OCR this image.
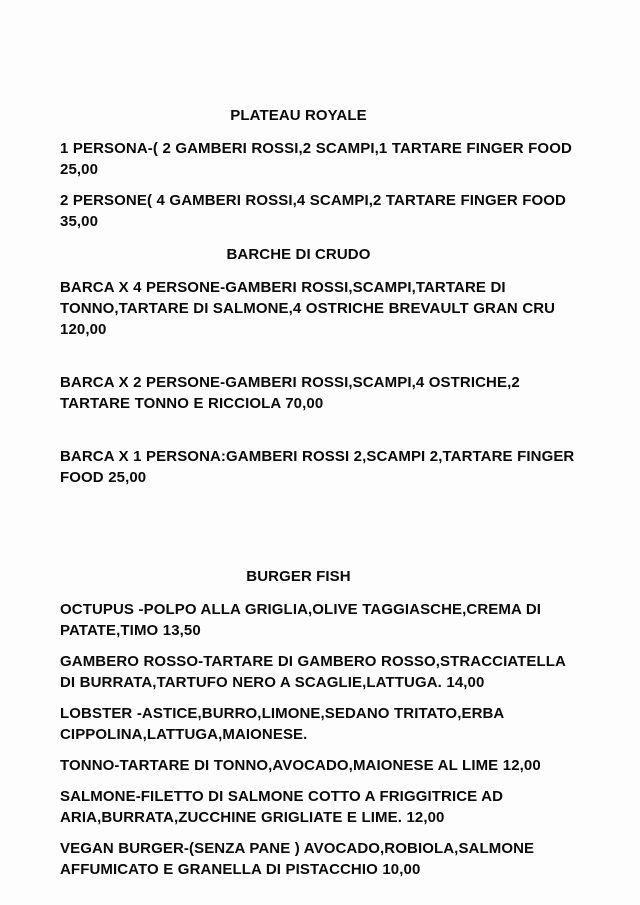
PLATEAU ROYALE

1 PERSONA-( 2 GAMBERI ROSSI,2 SCAMPI,1 TARTARE FINGER FOOD 25,00

2 PERSONE( 4 GAMBERI ROSSI,4 SCAMPI,2 TARTARE FINGER FOOD 35,00

BARCHE DI CRUDO

BARCA X 4 PERSONE-GAMBERI ROSSI,SCAMPI,TARTARE DI TONNO,TARTARE DI SALMONE,4 OSTRICHE BREVAULT GRAN CRU 120,00

BARCA X 2 PERSONE-GAMBERI ROSSI,SCAMPI,4 OSTRICHE,2 TARTARE TONNO E RICCIOLA 70,00

BARCA X 1 PERSONA:GAMBERI ROSSI 2,SCAMPI 2,TARTARE FINGER FOOD 25,00

BURGER FISH

OCTUPUS -POLPO ALLA GRIGLIA,OLIVE TAGGIASCHE,CREMA DI PATATE,TIMO 13,50

GAMBERO ROSSO-TARTARE DI GAMBERO ROSSO,STRACCIATELLA DI BURRATA,TARTUFO NERO A SCAGLIE,LATTUGA. 14,00

LOBSTER -ASTICE,BURRO,LIMONE,SEDANO TRITATO,ERBA CIPPOLINA,LATTUGA,MAIONESE.

TONNO-TARTARE DI TONNO,AVOCADO,MAIONESE AL LIME 12,00

SALMONE-FILETTO DI SALMONE COTTO A FRIGGITRICE AD ARIA,BURRATA,ZUCCHINE GRIGLIATE E LIME. 12,00

VEGAN BURGER-(SENZA PANE ) AVOCADO,ROBIOLA,SALMONE AFFUMICATO E GRANELLA DI PISTACCHIO 10,00
